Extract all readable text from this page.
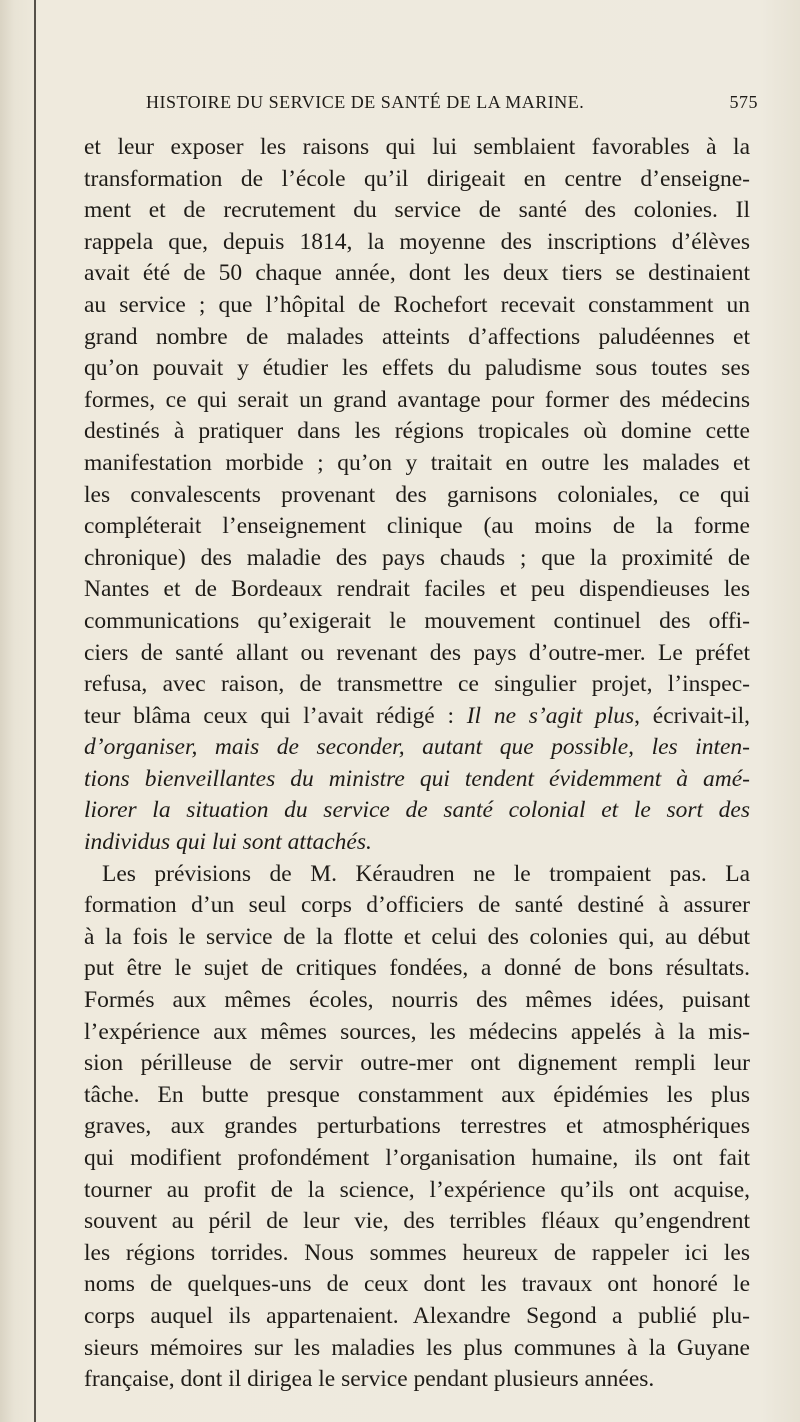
HISTOIRE DU SERVICE DE SANTÉ DE LA MARINE.	575
et leur exposer les raisons qui lui semblaient favorables à la
transformation de l’école qu’il dirigeait en centre d’enseigne-
ment et de recrutement du service de santé des colonies. Il
rappela que, depuis 1814, la moyenne des inscriptions d’élèves
avait été de 50 chaque année, dont les deux tiers se destinaient
au service ; que l’hôpital de Rochefort recevait constamment un
grand nombre de malades atteints d’affections paludéennes et
qu’on pouvait y étudier les effets du paludisme sous toutes ses
formes, ce qui serait un grand avantage pour former des médecins
destinés à pratiquer dans les régions tropicales où domine cette
manifestation morbide ; qu’on y traitait en outre les malades et
les convalescents provenant des garnisons coloniales, ce qui
compléterait l’enseignement clinique (au moins de la forme
chronique) des maladie des pays chauds ; que la proximité de
Nantes et de Bordeaux rendrait faciles et peu dispendieuses les
communications qu’exigerait le mouvement continuel des offi-
ciers de santé allant ou revenant des pays d’outre-mer. Le préfet
refusa, avec raison, de transmettre ce singulier projet, l’inspec-
teur blâma ceux qui l’avait rédigé : Il ne s’agit plus, écrivait-il,
d’organiser, mais de seconder, autant que possible, les inten-
tions bienveillantes du ministre qui tendent évidemment à amé-
liorer la situation du service de santé colonial et le sort des
individus qui lui sont attachés.
Les prévisions de M. Kéraudren ne le trompaient pas. La
formation d’un seul corps d’officiers de santé destiné à assurer
à la fois le service de la flotte et celui des colonies qui, au début
put être le sujet de critiques fondées, a donné de bons résultats.
Formés aux mêmes écoles, nourris des mêmes idées, puisant
l’expérience aux mêmes sources, les médecins appelés à la mis-
sion périlleuse de servir outre-mer ont dignement rempli leur
tâche. En butte presque constamment aux épidémies les plus
graves, aux grandes perturbations terrestres et atmosphériques
qui modifient profondément l’organisation humaine, ils ont fait
tourner au profit de la science, l’expérience qu’ils ont acquise,
souvent au péril de leur vie, des terribles fléaux qu’engendrent
les régions torrides. Nous sommes heureux de rappeler ici les
noms de quelques-uns de ceux dont les travaux ont honoré le
corps auquel ils appartenaient. Alexandre Segond a publié plu-
sieurs mémoires sur les maladies les plus communes à la Guyane
française, dont il dirigea le service pendant plusieurs années.
